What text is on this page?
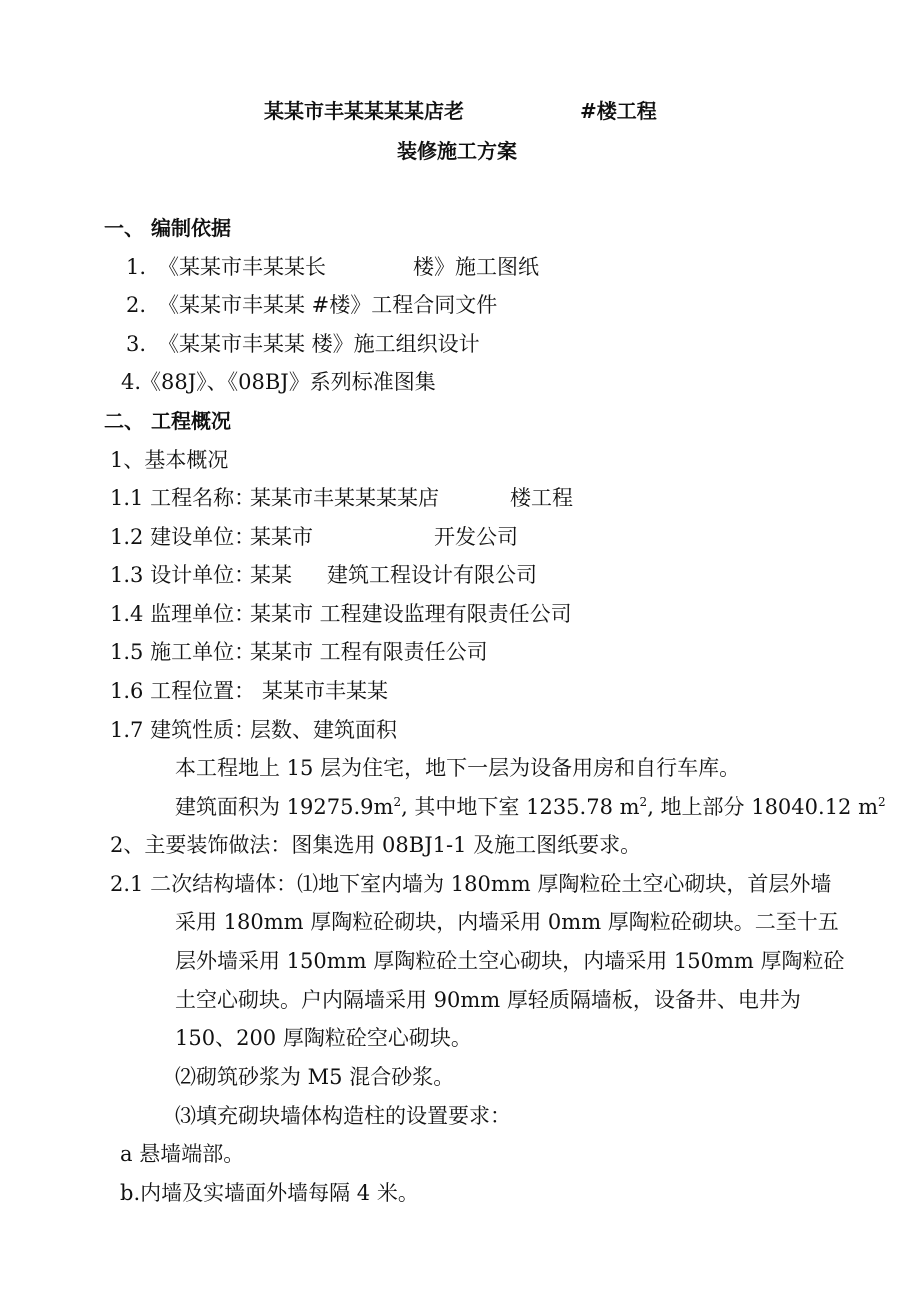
某某市丰某某某某店老	#楼工程
装修施工方案
一、 编制依据
1. 《某某市丰某某长	楼》施工图纸
2. 《某某市丰某某 #楼》工程合同文件
3. 《某某市丰某某 楼》施工组织设计
4.
《88J》、《08BJ》系列标准图集
二、 工程概况
1、基本概况
1.1 工程名称：
某某市丰某某某某店	楼工程
1.2 建设单位：
某某市	开发公司
1.3 设计单位：
某某 建筑工程设计有限公司
1.4 监理单位：
某某市 工程建设监理有限责任公司
1.5 施工单位：
某某市 工程有限责任公司
1.6 工程位置： 某某市丰某某
1.7 建筑性质：
层数、建筑面积
本工程地上 15 层为住宅，地下一层为设备用房和自行车库。
建筑面积为 $19275.9m^2$, 其中地下室 1235.78 $m^2$, 地上部分 18040.12 $m^2$
2、主要装饰做法：图集选用 08BJ1-1 及施工图纸要求。
2.1 二次结构墙体：⑴地下室内墙为 180mm 厚陶粒砼土空心砌块，首层外墙
采用 180mm 厚陶粒砼砌块，内墙采用 0mm 厚陶粒砼砌块。二至十五
层外墙采用 150mm 厚陶粒砼土空心砌块，内墙采用 150mm 厚陶粒砼
土空心砌块。户内隔墙采用 90mm 厚轻质隔墙板，设备井、电井为
150、200 厚陶粒砼空心砌块。
⑵砌筑砂浆为 M5 混合砂浆。
⑶填充砌块墙体构造柱的设置要求：
a 悬墙端部。
b.内墙及实墙面外墙每隔 4 米。
